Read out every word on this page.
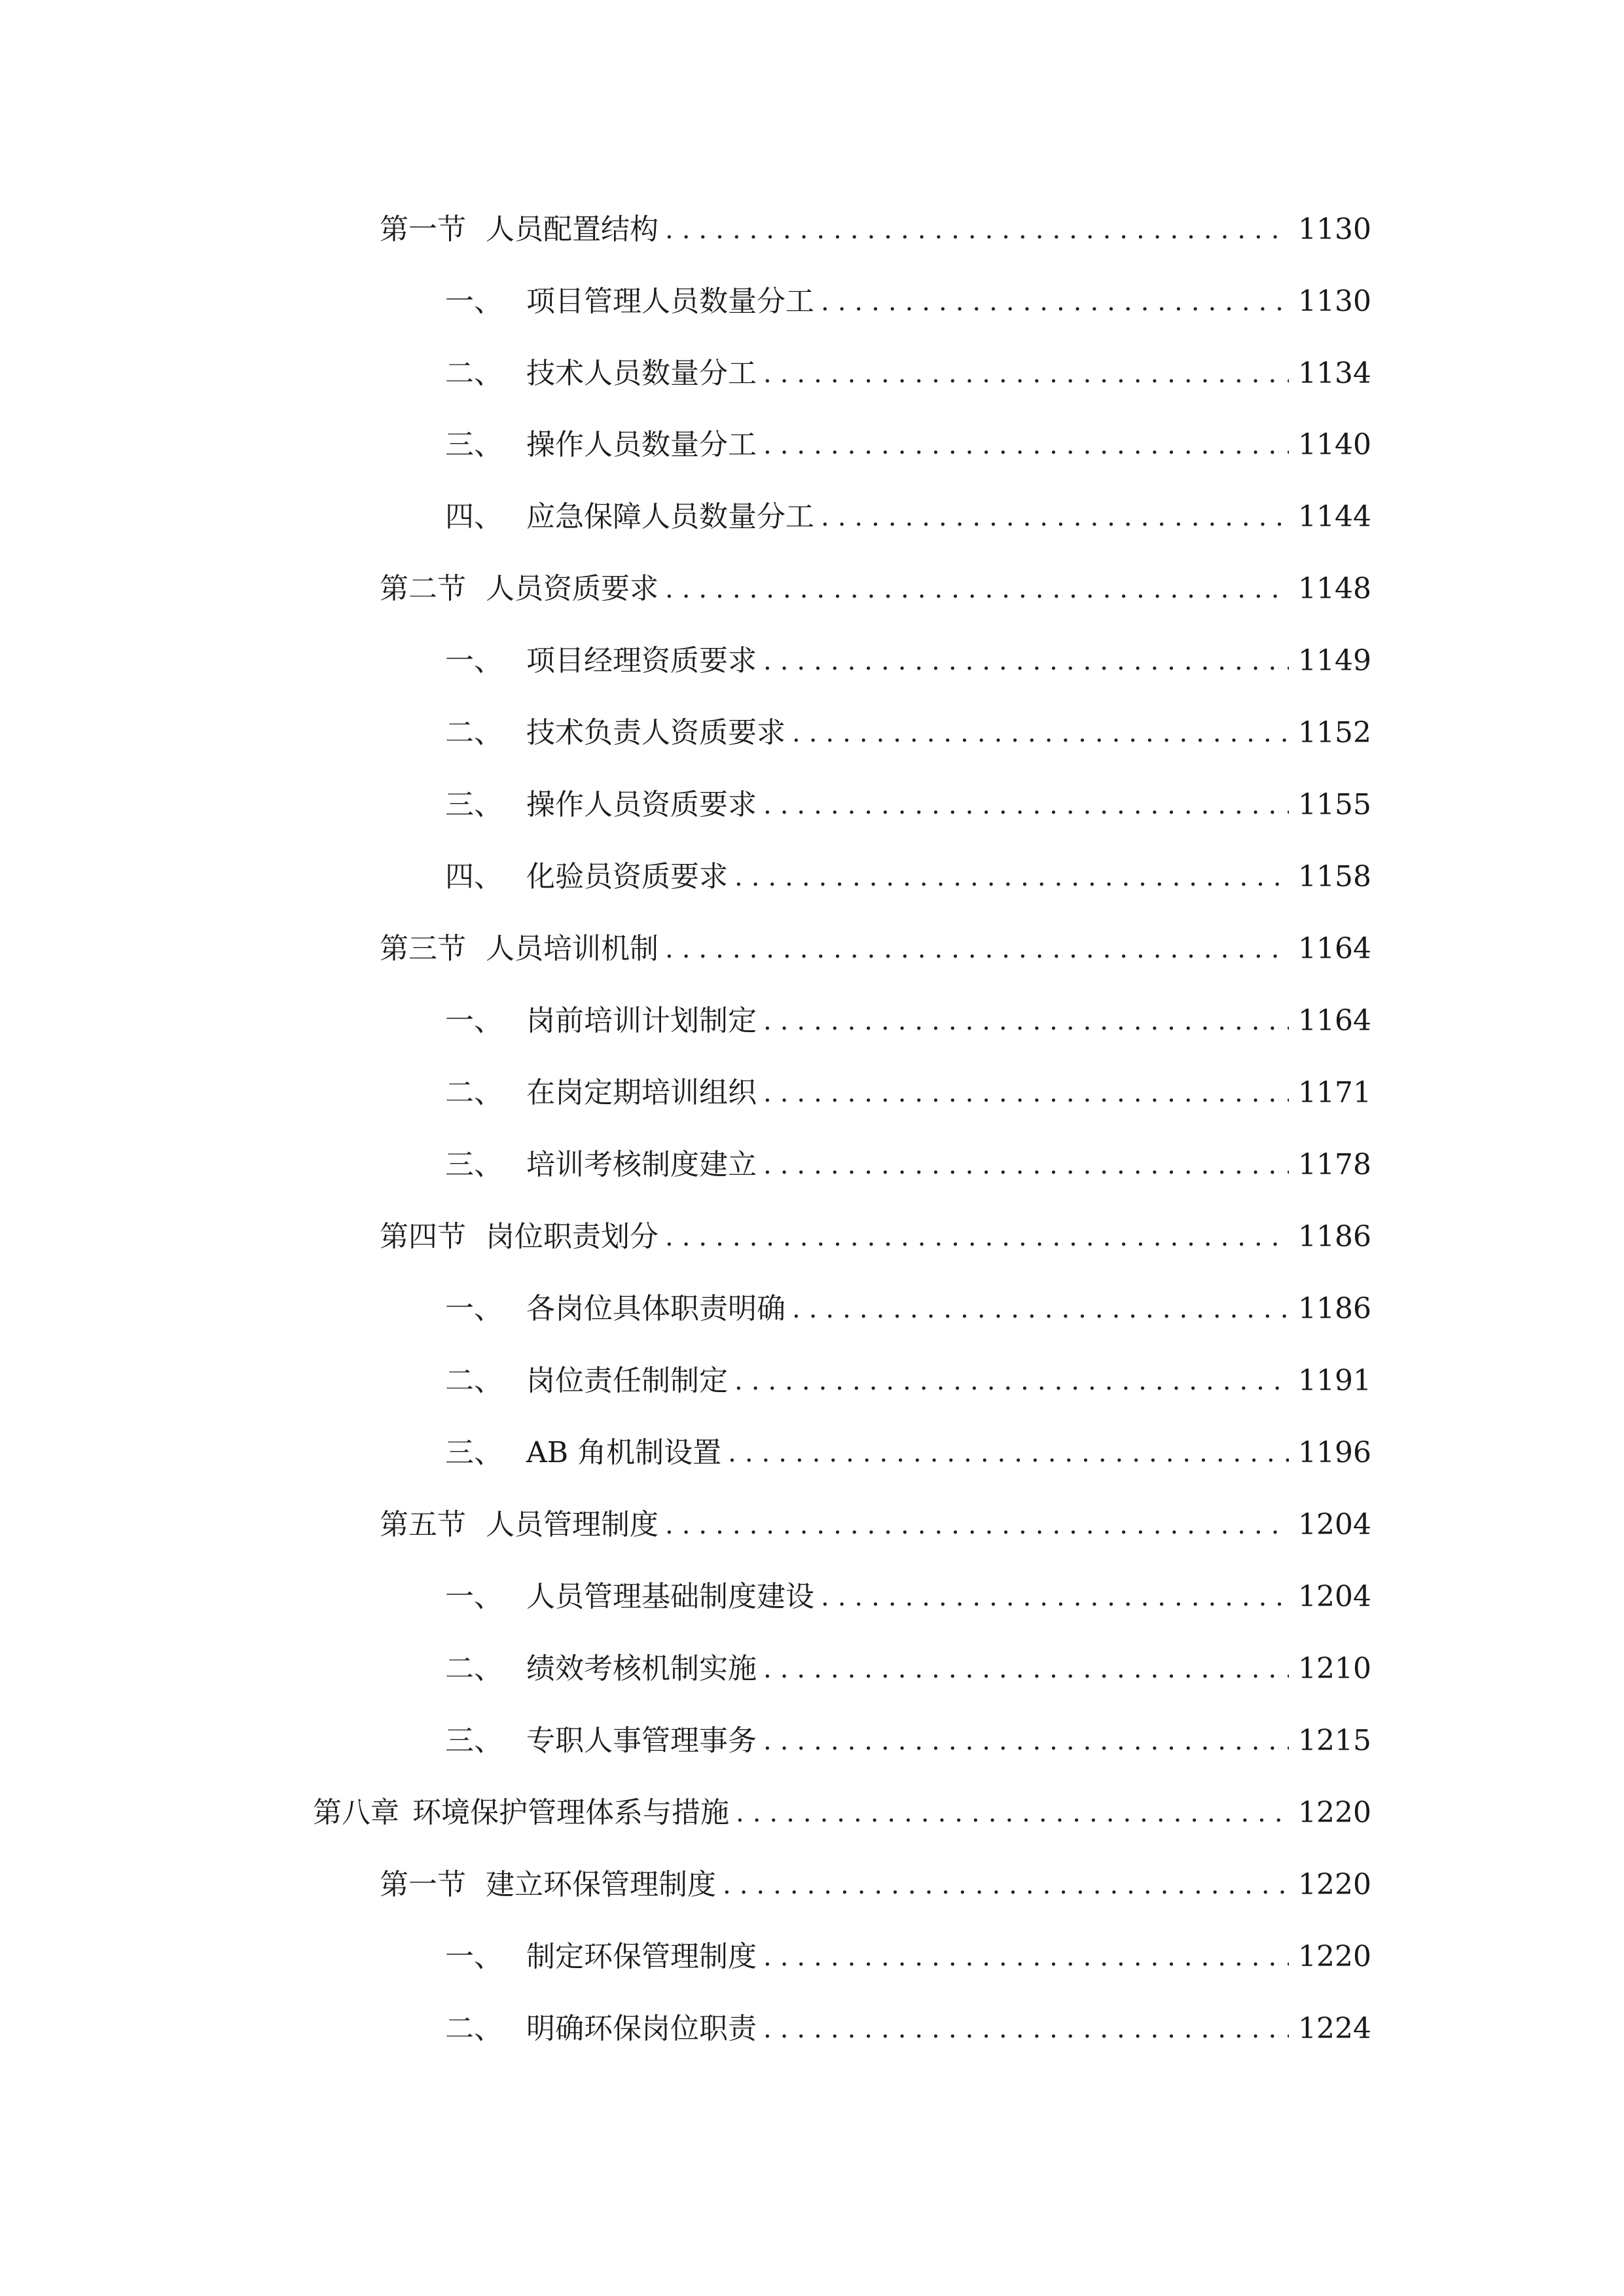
第一节 人员配置结构 .....	1130
一、 项目管理人员数量分工 .....	1130
二、 技术人员数量分工 .....	1134
三、 操作人员数量分工 .....	1140
四、 应急保障人员数量分工 .....	1144
第二节 人员资质要求 .....	1148
一、 项目经理资质要求 .....	1149
二、 技术负责人资质要求 .....	1152
三、 操作人员资质要求 .....	1155
四、 化验员资质要求 .....	1158
第三节 人员培训机制 .....	1164
一、 岗前培训计划制定 .....	1164
二、 在岗定期培训组织 .....	1171
三、 培训考核制度建立 .....	1178
第四节 岗位职责划分 .....	1186
一、 各岗位具体职责明确 .....	1186
二、 岗位责任制制定 .....	1191
三、 AB 角机制设置 .....	1196
第五节 人员管理制度 .....	1204
一、 人员管理基础制度建设 .....	1204
二、 绩效考核机制实施 .....	1210
三、 专职人事管理事务 .....	1215
第八章 环境保护管理体系与措施 .....	1220
第一节 建立环保管理制度 .....	1220
一、 制定环保管理制度 .....	1220
二、 明确环保岗位职责 .....	1224
